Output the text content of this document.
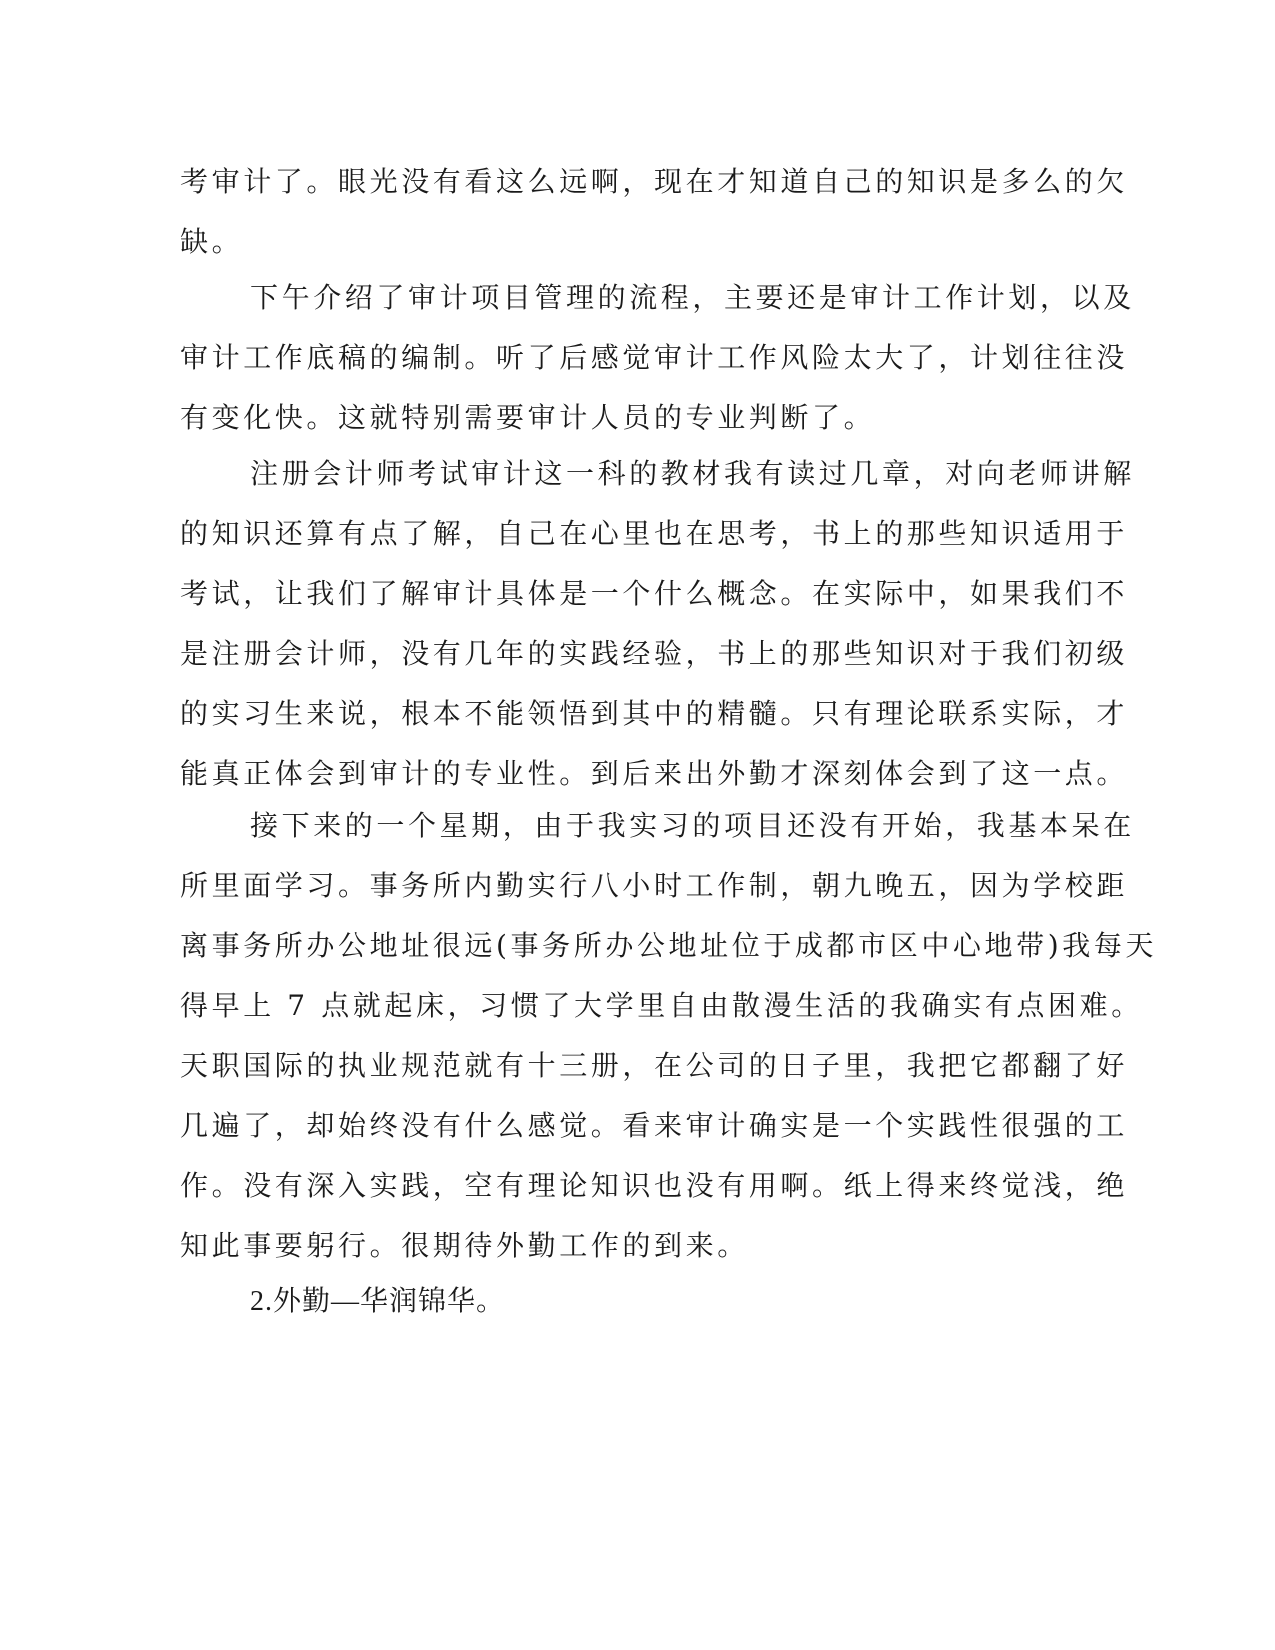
考审计了。眼光没有看这么远啊，现在才知道自己的知识是多么的欠
缺。
下午介绍了审计项目管理的流程，主要还是审计工作计划，以及
审计工作底稿的编制。听了后感觉审计工作风险太大了，计划往往没
有变化快。这就特别需要审计人员的专业判断了。
注册会计师考试审计这一科的教材我有读过几章，对向老师讲解
的知识还算有点了解，自己在心里也在思考，书上的那些知识适用于
考试，让我们了解审计具体是一个什么概念。在实际中，如果我们不
是注册会计师，没有几年的实践经验，书上的那些知识对于我们初级
的实习生来说，根本不能领悟到其中的精髓。只有理论联系实际，才
能真正体会到审计的专业性。到后来出外勤才深刻体会到了这一点。
接下来的一个星期，由于我实习的项目还没有开始，我基本呆在
所里面学习。事务所内勤实行八小时工作制，朝九晚五，因为学校距
离事务所办公地址很远(事务所办公地址位于成都市区中心地带)我每天
得早上 7 点就起床，习惯了大学里自由散漫生活的我确实有点困难。
天职国际的执业规范就有十三册，在公司的日子里，我把它都翻了好
几遍了，却始终没有什么感觉。看来审计确实是一个实践性很强的工
作。没有深入实践，空有理论知识也没有用啊。纸上得来终觉浅，绝
知此事要躬行。很期待外勤工作的到来。
2.外勤—华润锦华。
